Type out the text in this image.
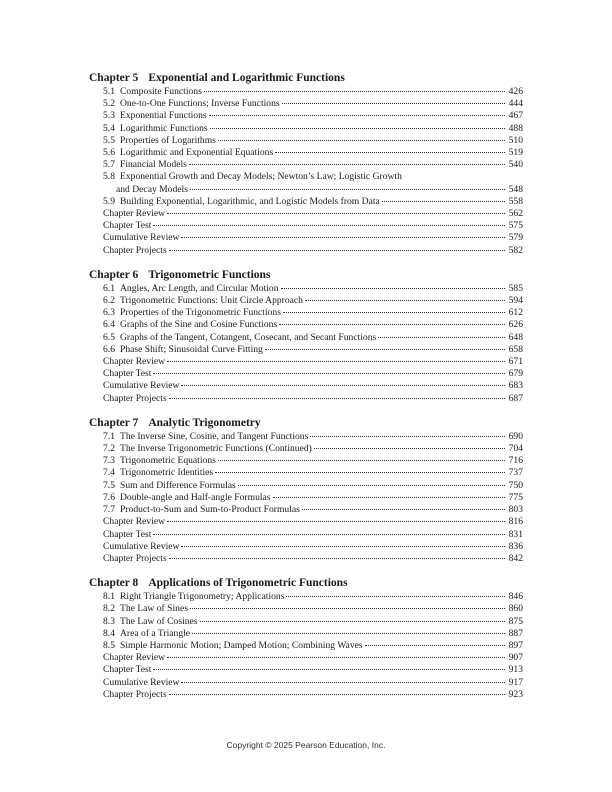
Chapter 5 Exponential and Logarithmic Functions
5.1 Composite Functions	426
5.2 One-to-One Functions; Inverse Functions	444
5.3 Exponential Functions	467
5.4 Logarithmic Functions	488
5.5 Properties of Logarithms	510
5.6 Logarithmic and Exponential Equations	519
5.7 Financial Models	540
5.8 Exponential Growth and Decay Models; Newton’s Law; Logistic Growth
and Decay Models	548
5.9 Building Exponential, Logarithmic, and Logistic Models from Data	558
Chapter Review	562
Chapter Test	575
Cumulative Review	579
Chapter Projects	582
Chapter 6 Trigonometric Functions
6.1 Angles, Arc Length, and Circular Motion	585
6.2 Trigonometric Functions: Unit Circle Approach	594
6.3 Properties of the Trigonometric Functions	612
6.4 Graphs of the Sine and Cosine Functions	626
6.5 Graphs of the Tangent, Cotangent, Cosecant, and Secant Functions	648
6.6 Phase Shift; Sinusoidal Curve Fitting	658
Chapter Review	671
Chapter Test	679
Cumulative Review	683
Chapter Projects	687
Chapter 7 Analytic Trigonometry
7.1 The Inverse Sine, Cosine, and Tangent Functions	690
7.2 The Inverse Trigonometric Functions (Continued)	704
7.3 Trigonometric Equations	716
7.4 Trigonometric Identities	737
7.5 Sum and Difference Formulas	750
7.6 Double-angle and Half-angle Formulas	775
7.7 Product-to-Sum and Sum-to-Product Formulas	803
Chapter Review	816
Chapter Test	831
Cumulative Review	836
Chapter Projects	842
Chapter 8 Applications of Trigonometric Functions
8.1 Right Triangle Trigonometry; Applications	846
8.2 The Law of Sines	860
8.3 The Law of Cosines	875
8.4 Area of a Triangle	887
8.5 Simple Harmonic Motion; Damped Motion; Combining Waves	897
Chapter Review	907
Chapter Test	913
Cumulative Review	917
Chapter Projects	923
Copyright © 2025 Pearson Education, Inc.
